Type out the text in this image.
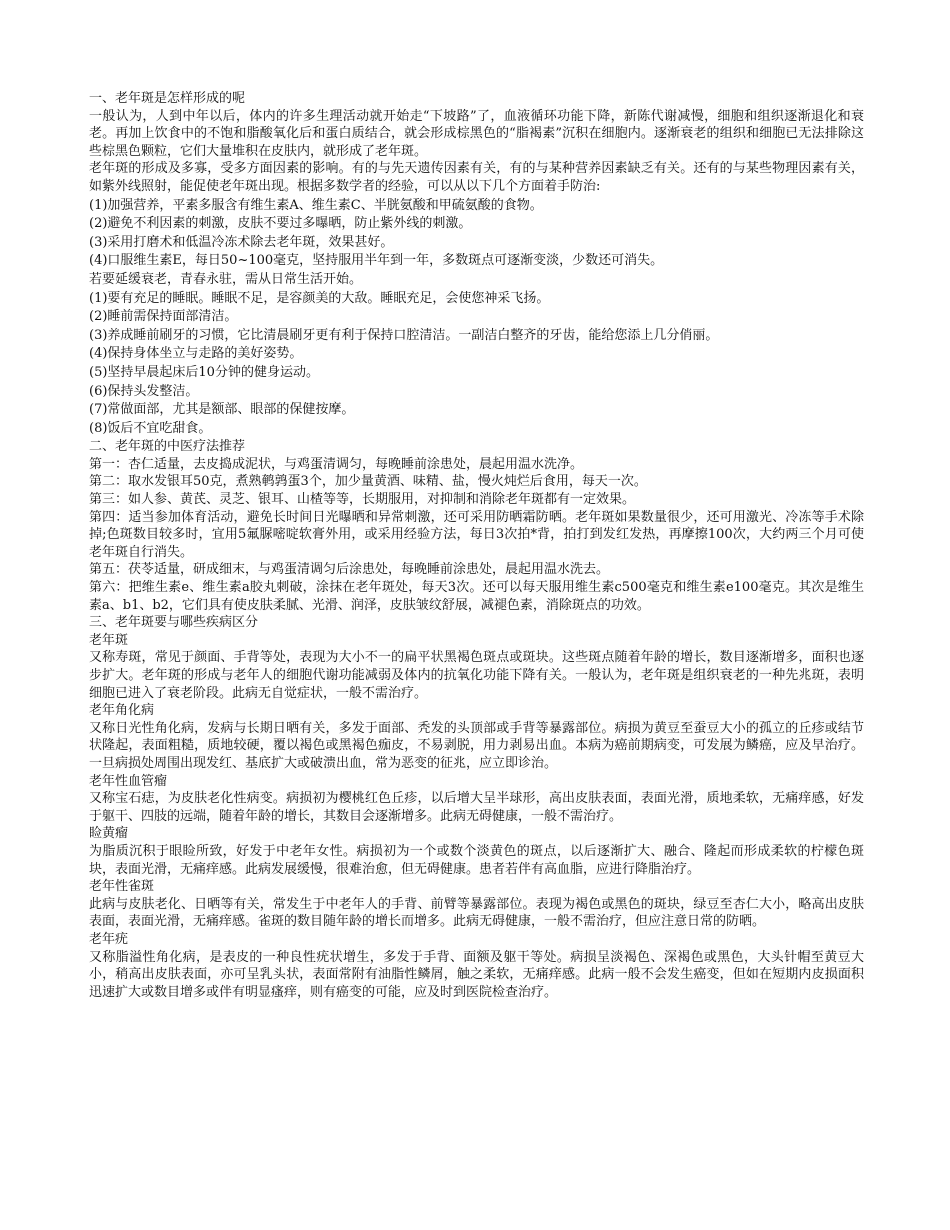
一、老年斑是怎样形成的呢

一般认为，人到中年以后，体内的许多生理活动就开始走“下坡路”了，血液循环功能下降，新陈代谢减慢，细胞和组织逐渐退化和衰老。再加上饮食中的不饱和脂酸氧化后和蛋白质结合，就会形成棕黑色的“脂褐素”沉积在细胞内。逐渐衰老的组织和细胞已无法排除这些棕黑色颗粒，它们大量堆积在皮肤内，就形成了老年斑。

老年斑的形成及多寡，受多方面因素的影响。有的与先天遗传因素有关，有的与某种营养因素缺乏有关。还有的与某些物理因素有关，如紫外线照射，能促使老年斑出现。根据多数学者的经验，可以从以下几个方面着手防治:

(1)加强营养，平素多服含有维生素A、维生素C、半胱氨酸和甲硫氨酸的食物。

(2)避免不利因素的刺激，皮肤不要过多曝晒，防止紫外线的刺激。

(3)采用打磨术和低温冷冻术除去老年斑，效果甚好。

(4)口服维生素E，每日50~100毫克，坚持服用半年到一年，多数斑点可逐渐变淡，少数还可消失。

若要延缓衰老，青春永驻，需从日常生活开始。

(1)要有充足的睡眠。睡眠不足，是容颜美的大敌。睡眠充足，会使您神采飞扬。

(2)睡前需保持面部清洁。

(3)养成睡前刷牙的习惯，它比清晨刷牙更有利于保持口腔清洁。一副洁白整齐的牙齿，能给您添上几分俏丽。

(4)保持身体坐立与走路的美好姿势。

(5)坚持早晨起床后10分钟的健身运动。

(6)保持头发整洁。

(7)常做面部，尤其是额部、眼部的保健按摩。

(8)饭后不宜吃甜食。

二、老年斑的中医疗法推荐

第一：杏仁适量，去皮捣成泥状，与鸡蛋清调匀，每晚睡前涂患处，晨起用温水洗净。

第二：取水发银耳50克，煮熟鹌鹑蛋3个，加少量黄酒、味精、盐，慢火炖烂后食用，每天一次。

第三：如人参、黄芪、灵芝、银耳、山楂等等，长期服用，对抑制和消除老年斑都有一定效果。

第四：适当参加体育活动，避免长时间日光曝晒和异常刺激，还可采用防晒霜防晒。老年斑如果数量很少，还可用激光、冷冻等手术除掉;色斑数目较多时，宜用5氟脲嘧啶软膏外用，或采用经验方法，每日3次拍*背，拍打到发红发热，再摩擦100次，大约两三个月可使老年斑自行消失。

第五：茯苓适量，研成细末，与鸡蛋清调匀后涂患处，每晚睡前涂患处，晨起用温水洗去。

第六：把维生素e、维生素a胶丸刺破，涂抹在老年斑处，每天3次。还可以每天服用维生素c500毫克和维生素e100毫克。其次是维生素a、b1、b2，它们具有使皮肤柔腻、光滑、润泽，皮肤皱纹舒展，减褪色素，消除斑点的功效。

三、老年斑要与哪些疾病区分

老年斑

又称寿斑，常见于颜面、手背等处，表现为大小不一的扁平状黑褐色斑点或斑块。这些斑点随着年龄的增长，数目逐渐增多，面积也逐步扩大。老年斑的形成与老年人的细胞代谢功能减弱及体内的抗氧化功能下降有关。一般认为，老年斑是组织衰老的一种先兆斑，表明细胞已进入了衰老阶段。此病无自觉症状，一般不需治疗。

老年角化病

又称日光性角化病，发病与长期日晒有关，多发于面部、秃发的头顶部或手背等暴露部位。病损为黄豆至蚕豆大小的孤立的丘疹或结节状隆起，表面粗糙，质地较硬，覆以褐色或黑褐色痂皮，不易剥脱，用力剥易出血。本病为癌前期病变，可发展为鳞癌，应及早治疗。一旦病损处周围出现发红、基底扩大或破溃出血，常为恶变的征兆，应立即诊治。

老年性血管瘤

又称宝石痣，为皮肤老化性病变。病损初为樱桃红色丘疹，以后增大呈半球形，高出皮肤表面，表面光滑，质地柔软，无痛痒感，好发于躯干、四肢的远端，随着年龄的增长，其数目会逐渐增多。此病无碍健康，一般不需治疗。

睑黄瘤

为脂质沉积于眼睑所致，好发于中老年女性。病损初为一个或数个淡黄色的斑点，以后逐渐扩大、融合、隆起而形成柔软的柠檬色斑块，表面光滑，无痛痒感。此病发展缓慢，很难治愈，但无碍健康。患者若伴有高血脂，应进行降脂治疗。

老年性雀斑

此病与皮肤老化、日晒等有关，常发生于中老年人的手背、前臂等暴露部位。表现为褐色或黑色的斑块，绿豆至杏仁大小，略高出皮肤表面，表面光滑，无痛痒感。雀斑的数目随年龄的增长而增多。此病无碍健康，一般不需治疗，但应注意日常的防晒。

老年疣

又称脂溢性角化病，是表皮的一种良性疣状增生，多发于手背、面额及躯干等处。病损呈淡褐色、深褐色或黑色，大头针帽至黄豆大小，稍高出皮肤表面，亦可呈乳头状，表面常附有油脂性鳞屑，触之柔软，无痛痒感。此病一般不会发生癌变，但如在短期内皮损面积迅速扩大或数目增多或伴有明显瘙痒，则有癌变的可能，应及时到医院检查治疗。
